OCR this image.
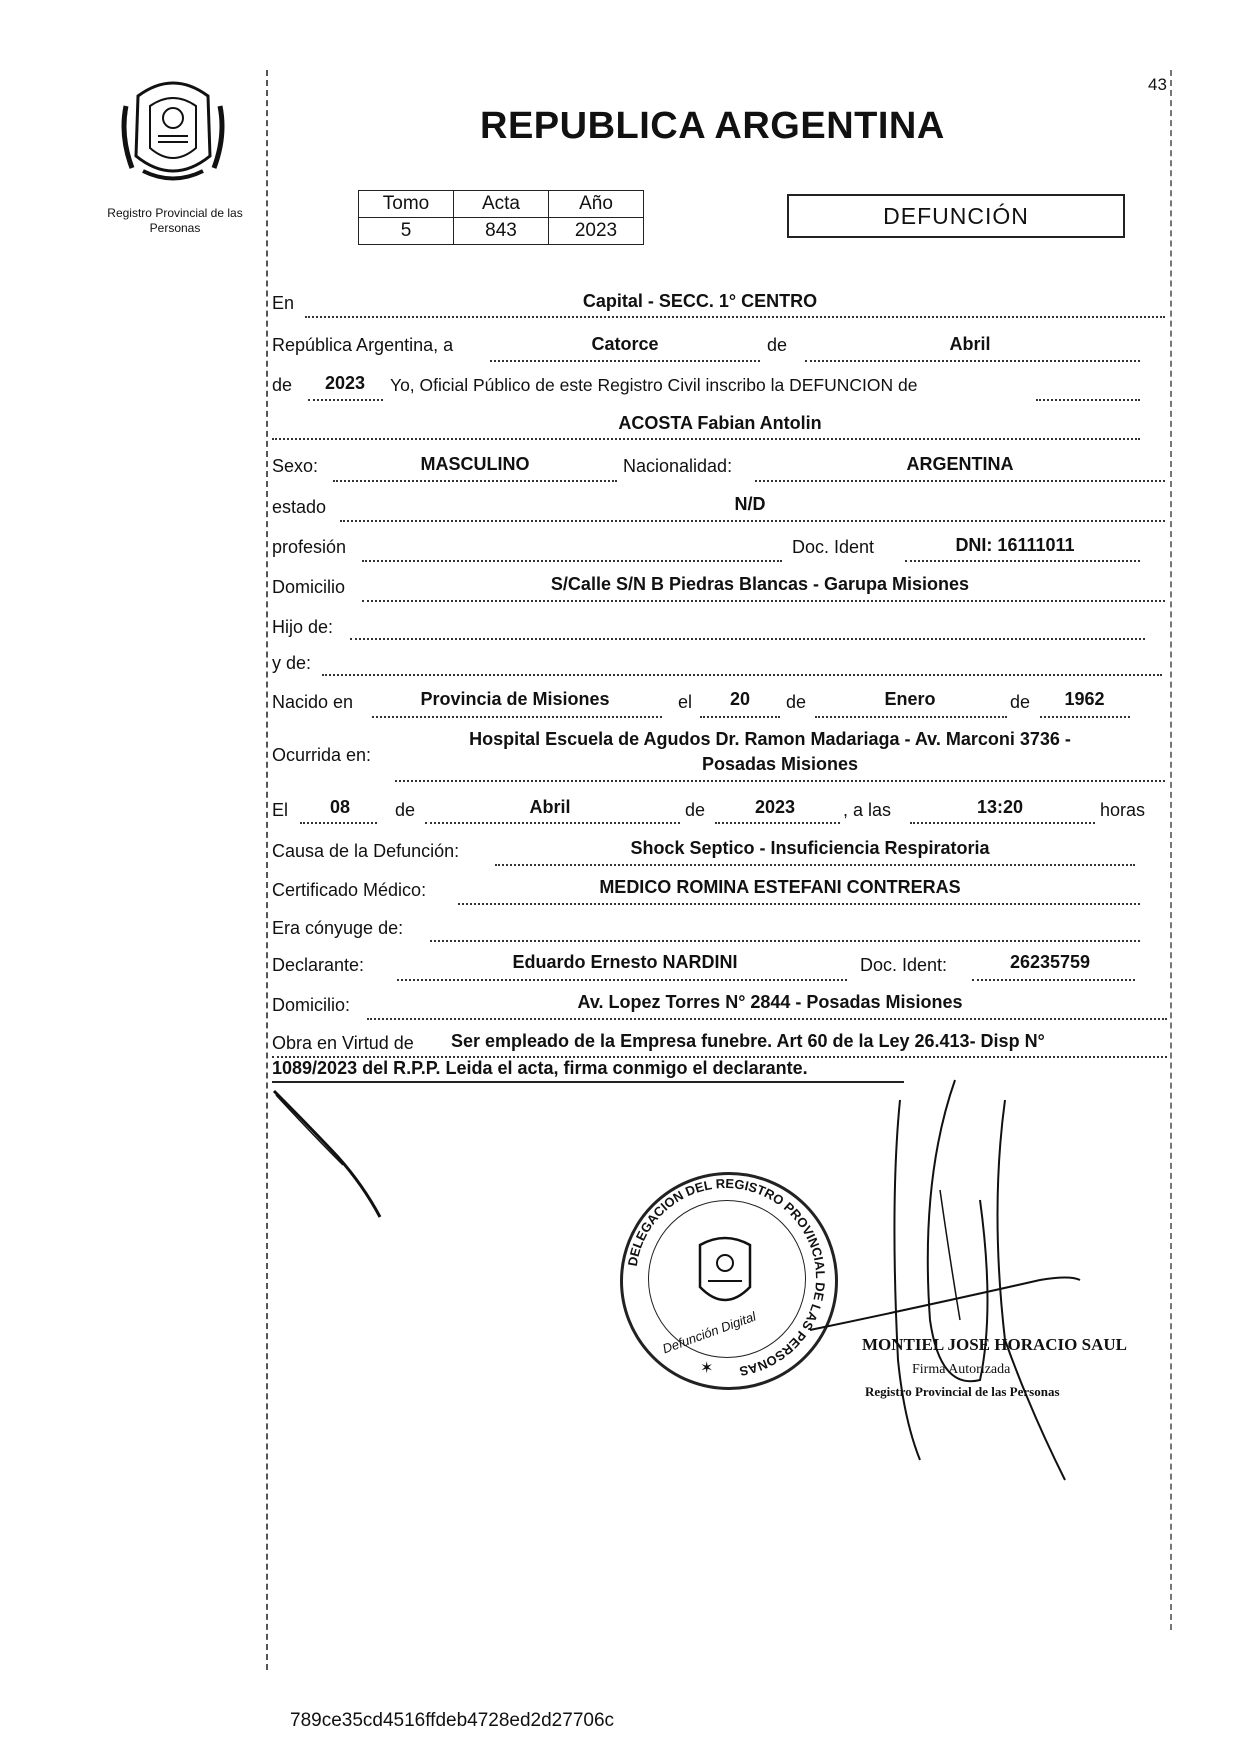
Registro Provincial de las Personas
43
REPUBLICA ARGENTINA
Tomo	Acta	Año
5	843	2023
DEFUNCIÓN
En	Capital - SECC. 1° CENTRO
República Argentina, a	Catorce	de	Abril
de	2023	Yo, Oficial Público de este Registro Civil inscribo la DEFUNCION de
ACOSTA Fabian Antolin
Sexo:	MASCULINO	Nacionalidad:	ARGENTINA
estado	N/D
profesión	Doc. Ident	DNI: 16111011
Domicilio	S/Calle S/N B Piedras Blancas - Garupa Misiones
Hijo de:
y de:
Nacido en	Provincia de Misiones	el	20	de	Enero	de	1962
Hospital Escuela de Agudos Dr. Ramon Madariaga - Av. Marconi 3736 -
Ocurrida en:	Posadas Misiones
El	08	de	Abril	de	2023	, a las	13:20	horas
Causa de la Defunción:	Shock Septico - Insuficiencia Respiratoria
Certificado Médico:	MEDICO ROMINA ESTEFANI CONTRERAS
Era cónyuge de:
Declarante:	Eduardo Ernesto NARDINI	Doc. Ident:	26235759
Domicilio:	Av. Lopez Torres N° 2844 - Posadas Misiones
Obra en Virtud de Ser empleado de la Empresa funebre. Art 60 de la Ley 26.413- Disp N°
1089/2023 del R.P.P. Leida el acta, firma conmigo el declarante.
DELEGACION DEL REGISTRO PROVINCIAL DE LAS PERSONAS
Defunción Digital
✶
MONTIEL JOSE HORACIO SAUL
Firma Autorizada
Registro Provincial de las Personas
789ce35cd4516ffdeb4728ed2d27706c
